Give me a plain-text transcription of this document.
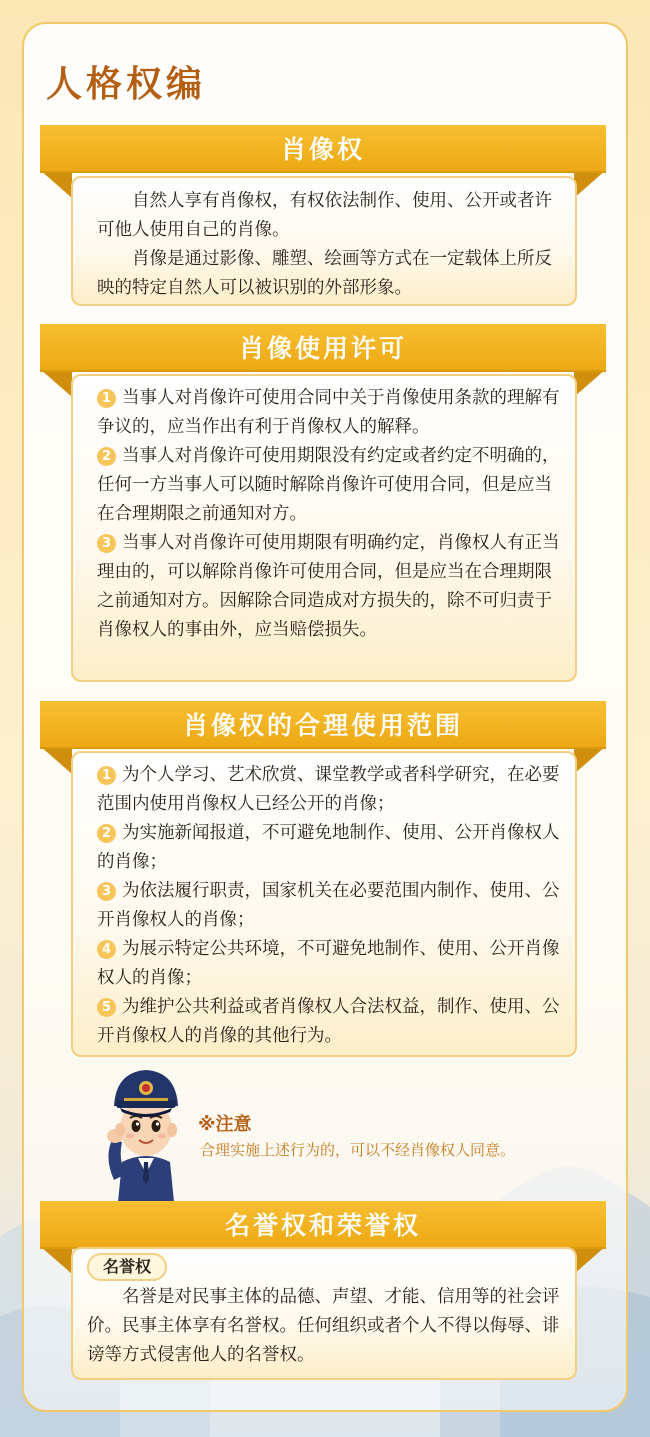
人格权编
肖像权

自然人享有肖像权，有权依法制作、使用、公开或者许可他人使用自己的肖像。

肖像是通过影像、雕塑、绘画等方式在一定载体上所反映的特定自然人可以被识别的外部形象。

肖像使用许可
1 当事人对肖像许可使用合同中关于肖像使用条款的理解有争议的，应当作出有利于肖像权人的解释。
2 当事人对肖像许可使用期限没有约定或者约定不明确的，任何一方当事人可以随时解除肖像许可使用合同，但是应当在合理期限之前通知对方。
3 当事人对肖像许可使用期限有明确约定，肖像权人有正当理由的，可以解除肖像许可使用合同，但是应当在合理期限之前通知对方。因解除合同造成对方损失的，除不可归责于肖像权人的事由外，应当赔偿损失。
肖像权的合理使用范围
1 为个人学习、艺术欣赏、课堂教学或者科学研究，在必要范围内使用肖像权人已经公开的肖像；
2 为实施新闻报道，不可避免地制作、使用、公开肖像权人的肖像；
3 为依法履行职责，国家机关在必要范围内制作、使用、公开肖像权人的肖像；
4 为展示特定公共环境，不可避免地制作、使用、公开肖像权人的肖像；
5 为维护公共利益或者肖像权人合法权益，制作、使用、公开肖像权人的肖像的其他行为。
※注意
合理实施上述行为的，可以不经肖像权人同意。
名誉权和荣誉权
名誉权

名誉是对民事主体的品德、声望、才能、信用等的社会评价。民事主体享有名誉权。任何组织或者个人不得以侮辱、诽谤等方式侵害他人的名誉权。
